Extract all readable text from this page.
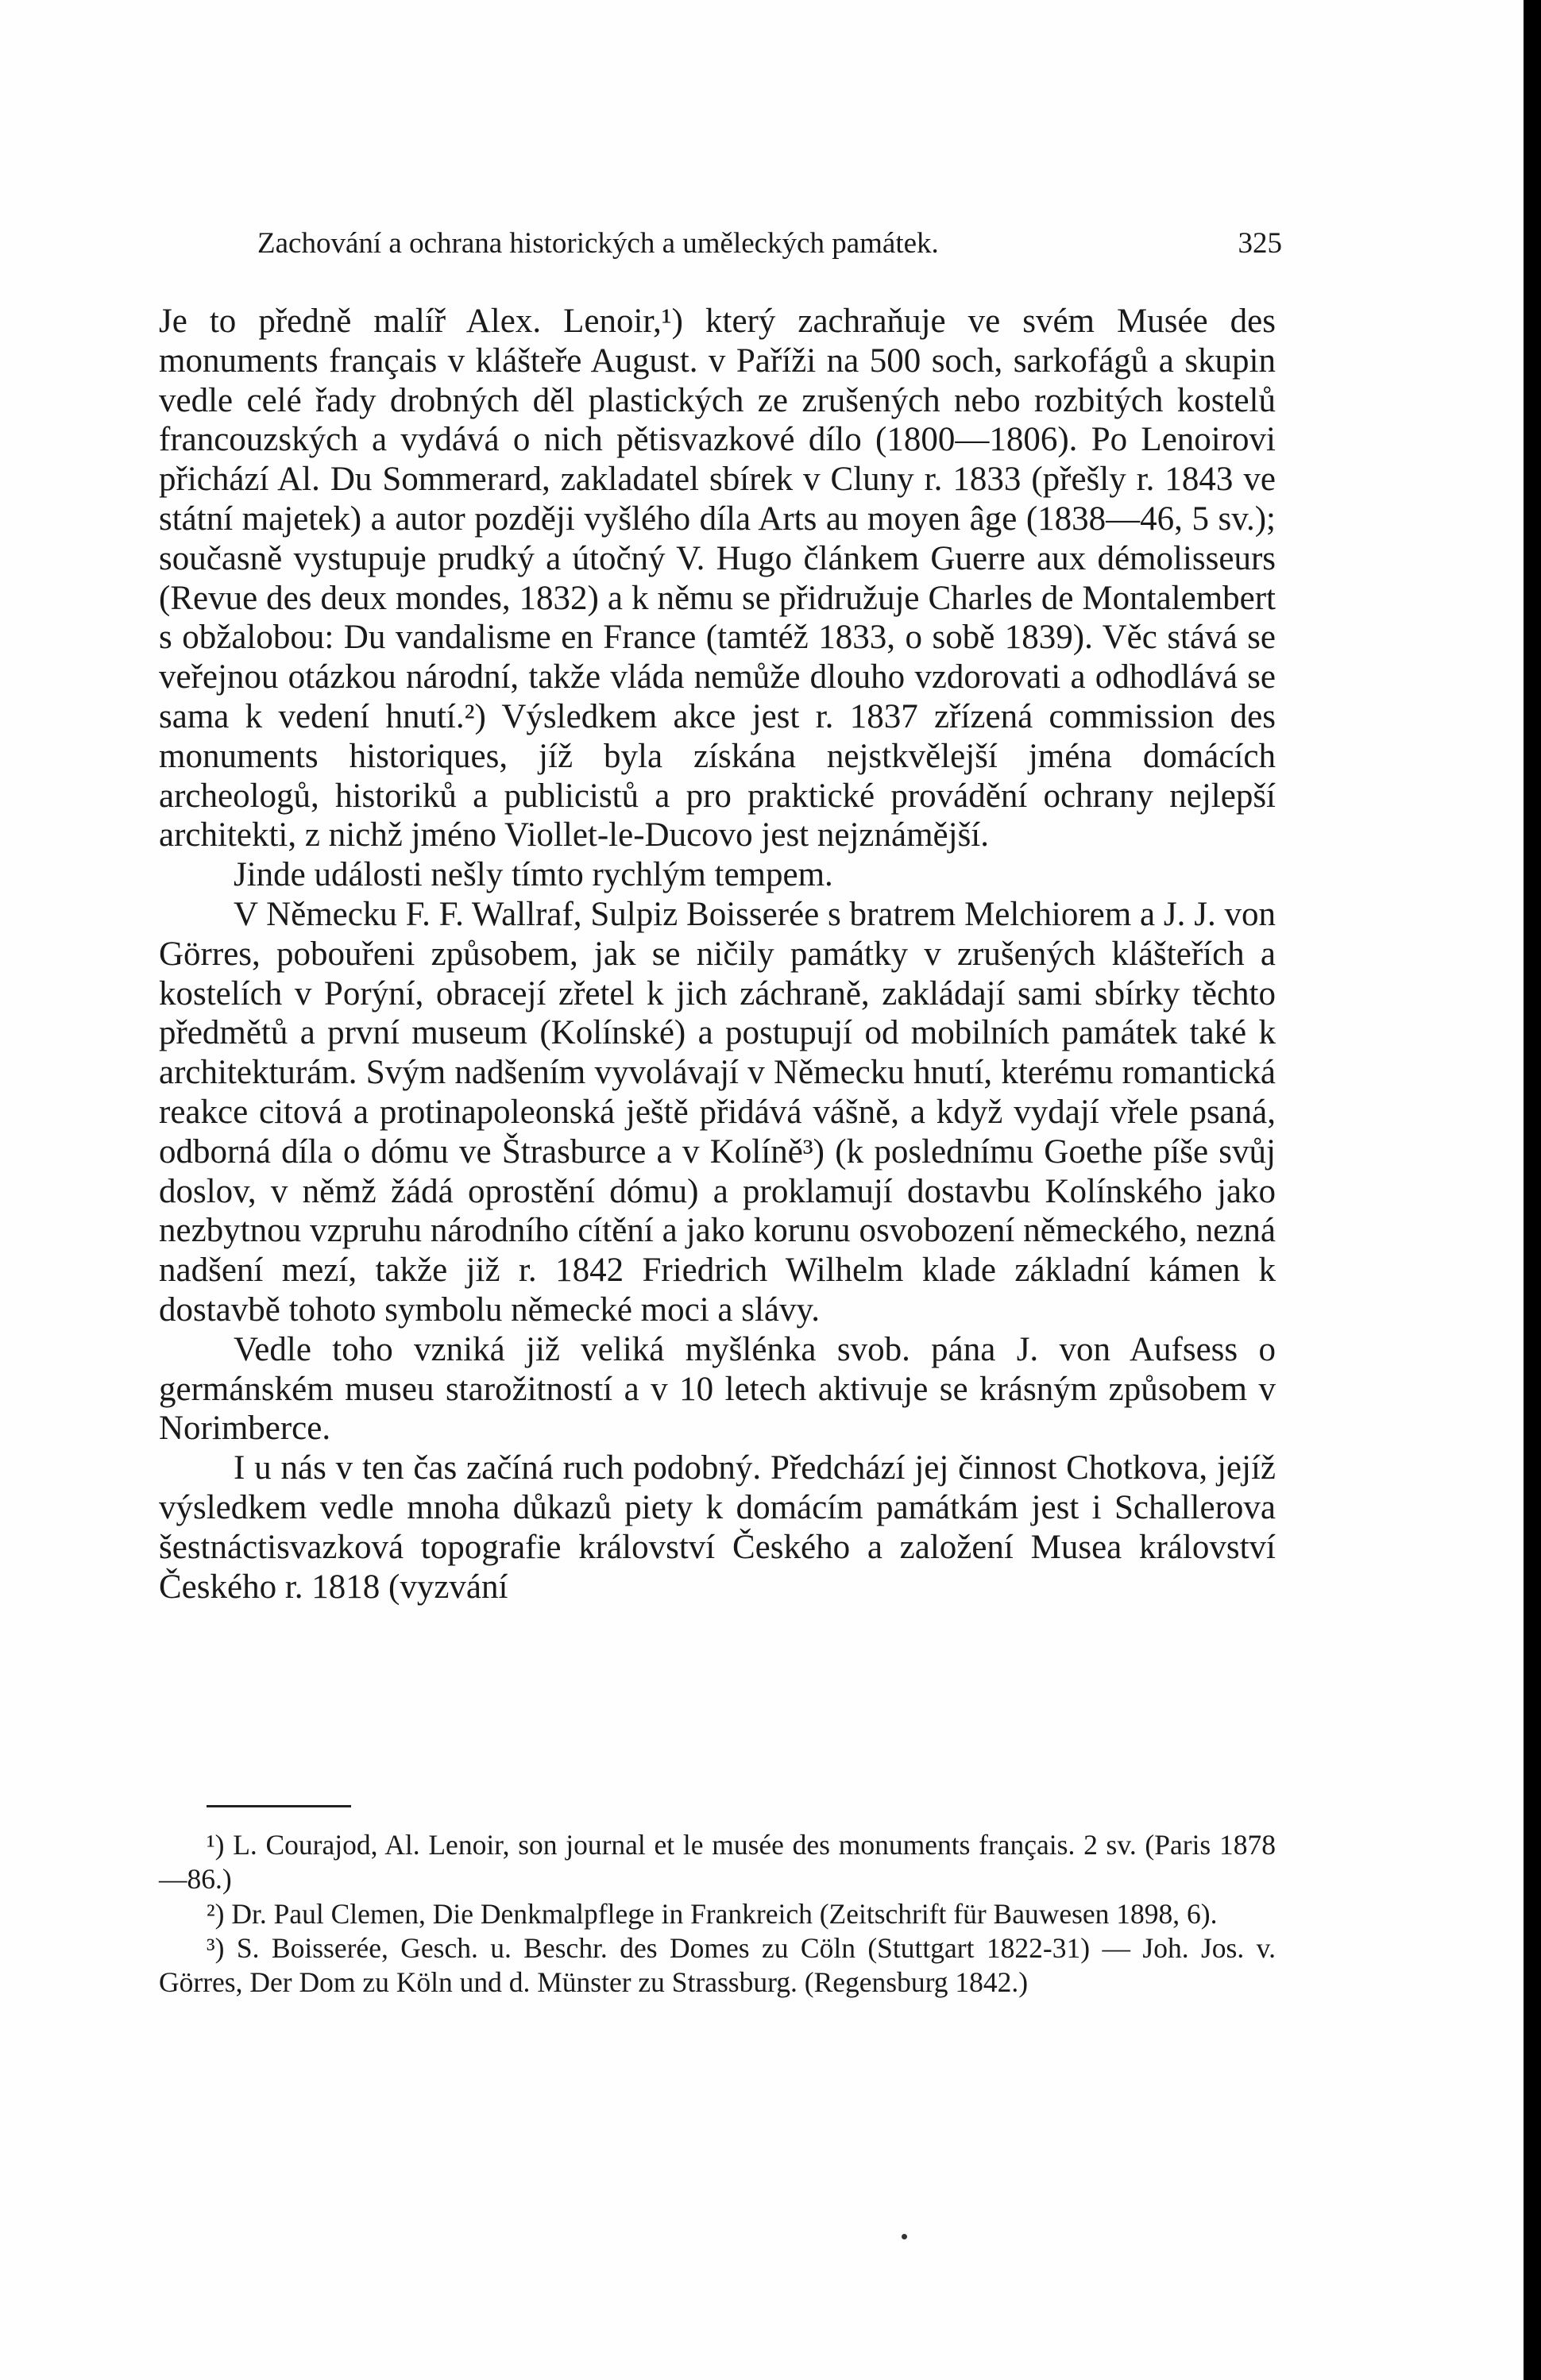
Zachování a ochrana historických a uměleckých památek.	325

Je to předně malíř Alex. Lenoir,¹) který zachraňuje ve svém Musée des monuments français v klášteře August. v Paříži na 500 soch, sarkofágů a skupin vedle celé řady drobných děl plastických ze zrušených nebo rozbitých kostelů francouzských a vydává o nich pětisvazkové dílo (1800—1806). Po Lenoirovi přichází Al. Du Sommerard, zakladatel sbírek v Cluny r. 1833 (přešly r. 1843 ve státní majetek) a autor později vyšlého díla Arts au moyen âge (1838—46, 5 sv.); současně vystupuje prudký a útočný V. Hugo článkem Guerre aux démolisseurs (Revue des deux mondes, 1832) a k němu se přidružuje Charles de Montalembert s obžalobou: Du vandalisme en France (tamtéž 1833, o sobě 1839). Věc stává se veřejnou otázkou národní, takže vláda nemůže dlouho vzdorovati a odhodlává se sama k vedení hnutí.²) Výsledkem akce jest r. 1837 zřízená commission des monuments historiques, jíž byla získána nejstkvělejší jména domácích archeologů, historiků a publicistů a pro praktické provádění ochrany nejlepší architekti, z nichž jméno Viollet-le-Ducovo jest nejznámější.

Jinde události nešly tímto rychlým tempem.

V Německu F. F. Wallraf, Sulpiz Boisserée s bratrem Melchiorem a J. J. von Görres, pobouřeni způsobem, jak se ničily památky v zrušených klášteřích a kostelích v Porýní, obracejí zřetel k jich záchraně, zakládají sami sbírky těchto předmětů a první museum (Kolínské) a postupují od mobilních památek také k architekturám. Svým nadšením vyvolávají v Německu hnutí, kterému romantická reakce citová a protinapoleonská ještě přidává vášně, a když vydají vřele psaná, odborná díla o dómu ve Štrasburce a v Kolíně³) (k poslednímu Goethe píše svůj doslov, v němž žádá oprostění dómu) a proklamují dostavbu Kolínského jako nezbytnou vzpruhu národního cítění a jako korunu osvobození německého, nezná nadšení mezí, takže již r. 1842 Friedrich Wilhelm klade základní kámen k dostavbě tohoto symbolu německé moci a slávy.

Vedle toho vzniká již veliká myšlénka svob. pána J. von Aufsess o germánském museu starožitností a v 10 letech aktivuje se krásným způsobem v Norimberce.

I u nás v ten čas začíná ruch podobný. Předchází jej činnost Chotkova, jejíž výsledkem vedle mnoha důkazů piety k domácím památkám jest i Schallerova šestnáctisvazková topografie království Českého a založení Musea království Českého r. 1818 (vyzvání

¹) L. Courajod, Al. Lenoir, son journal et le musée des monuments français. 2 sv. (Paris 1878—86.)

²) Dr. Paul Clemen, Die Denkmalpflege in Frankreich (Zeitschrift für Bauwesen 1898, 6).

³) S. Boisserée, Gesch. u. Beschr. des Domes zu Cöln (Stuttgart 1822-31) — Joh. Jos. v. Görres, Der Dom zu Köln und d. Münster zu Strassburg. (Regensburg 1842.)
